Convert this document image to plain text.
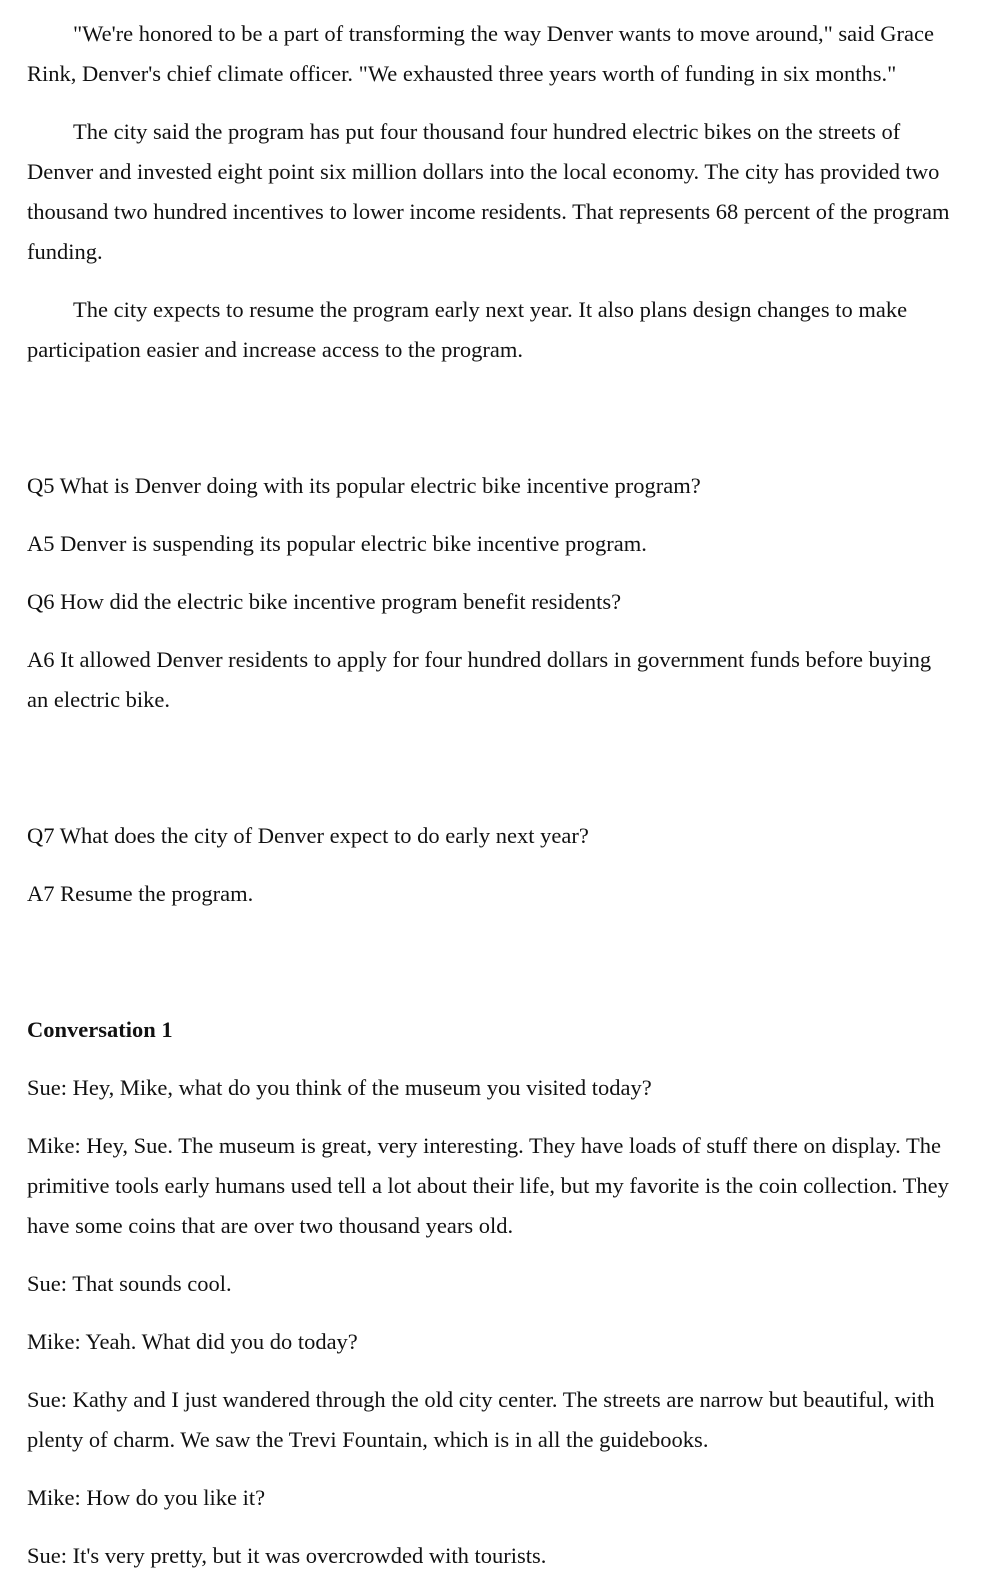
"We're honored to be a part of transforming the way Denver wants to move around," said Grace Rink, Denver's chief climate officer. "We exhausted three years worth of funding in six months."

The city said the program has put four thousand four hundred electric bikes on the streets of Denver and invested eight point six million dollars into the local economy. The city has provided two thousand two hundred incentives to lower income residents. That represents 68 percent of the program funding.

The city expects to resume the program early next year. It also plans design changes to make participation easier and increase access to the program.

Q5 What is Denver doing with its popular electric bike incentive program?

A5 Denver is suspending its popular electric bike incentive program.

Q6 How did the electric bike incentive program benefit residents?

A6 It allowed Denver residents to apply for four hundred dollars in government funds before buying an electric bike.

Q7 What does the city of Denver expect to do early next year?

A7 Resume the program.

Conversation 1

Sue: Hey, Mike, what do you think of the museum you visited today?

Mike: Hey, Sue. The museum is great, very interesting. They have loads of stuff there on display. The primitive tools early humans used tell a lot about their life, but my favorite is the coin collection. They have some coins that are over two thousand years old.

Sue: That sounds cool.

Mike: Yeah. What did you do today?

Sue: Kathy and I just wandered through the old city center. The streets are narrow but beautiful, with plenty of charm. We saw the Trevi Fountain, which is in all the guidebooks.

Mike: How do you like it?

Sue: It's very pretty, but it was overcrowded with tourists.
